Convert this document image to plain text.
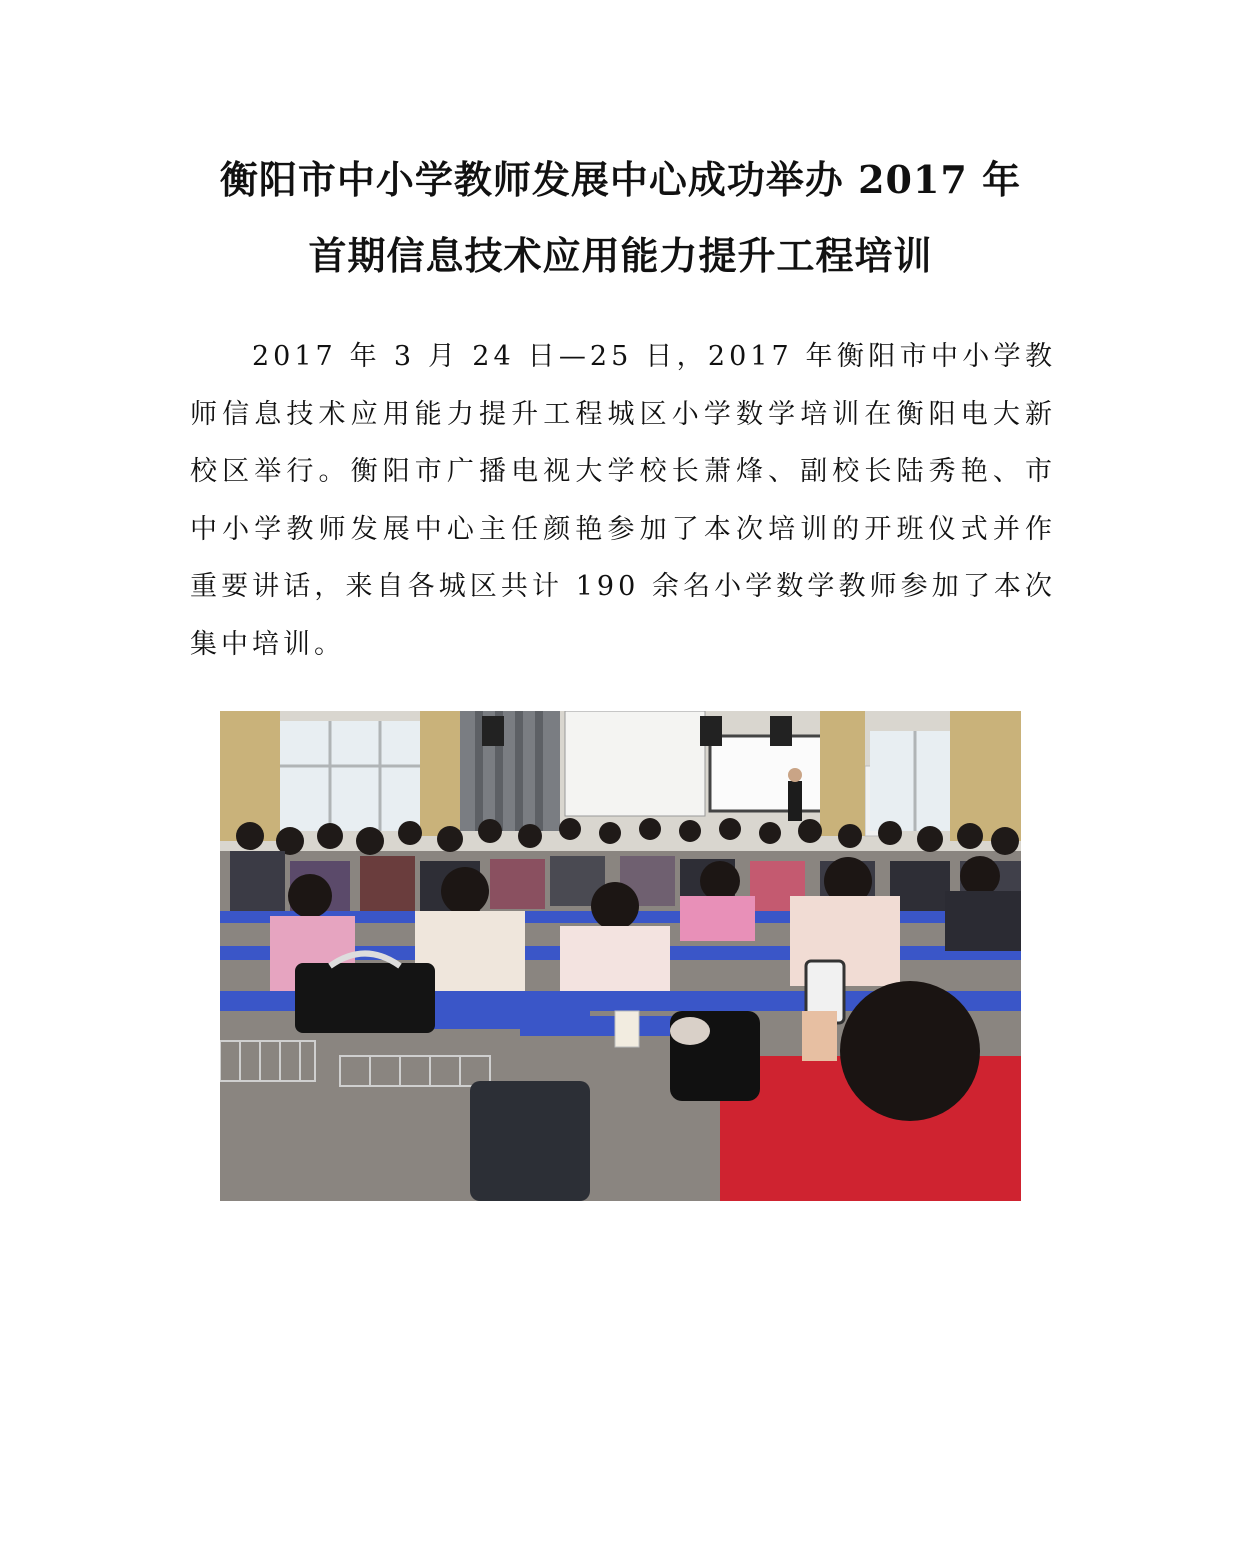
衡阳市中小学教师发展中心成功举办 2017 年
首期信息技术应用能力提升工程培训

2017 年 3 月 24 日—25 日，2017 年衡阳市中小学教师信息技术应用能力提升工程城区小学数学培训在衡阳电大新校区举行。衡阳市广播电视大学校长萧烽、副校长陆秀艳、市中小学教师发展中心主任颜艳参加了本次培训的开班仪式并作重要讲话，来自各城区共计 190 余名小学数学教师参加了本次集中培训。
